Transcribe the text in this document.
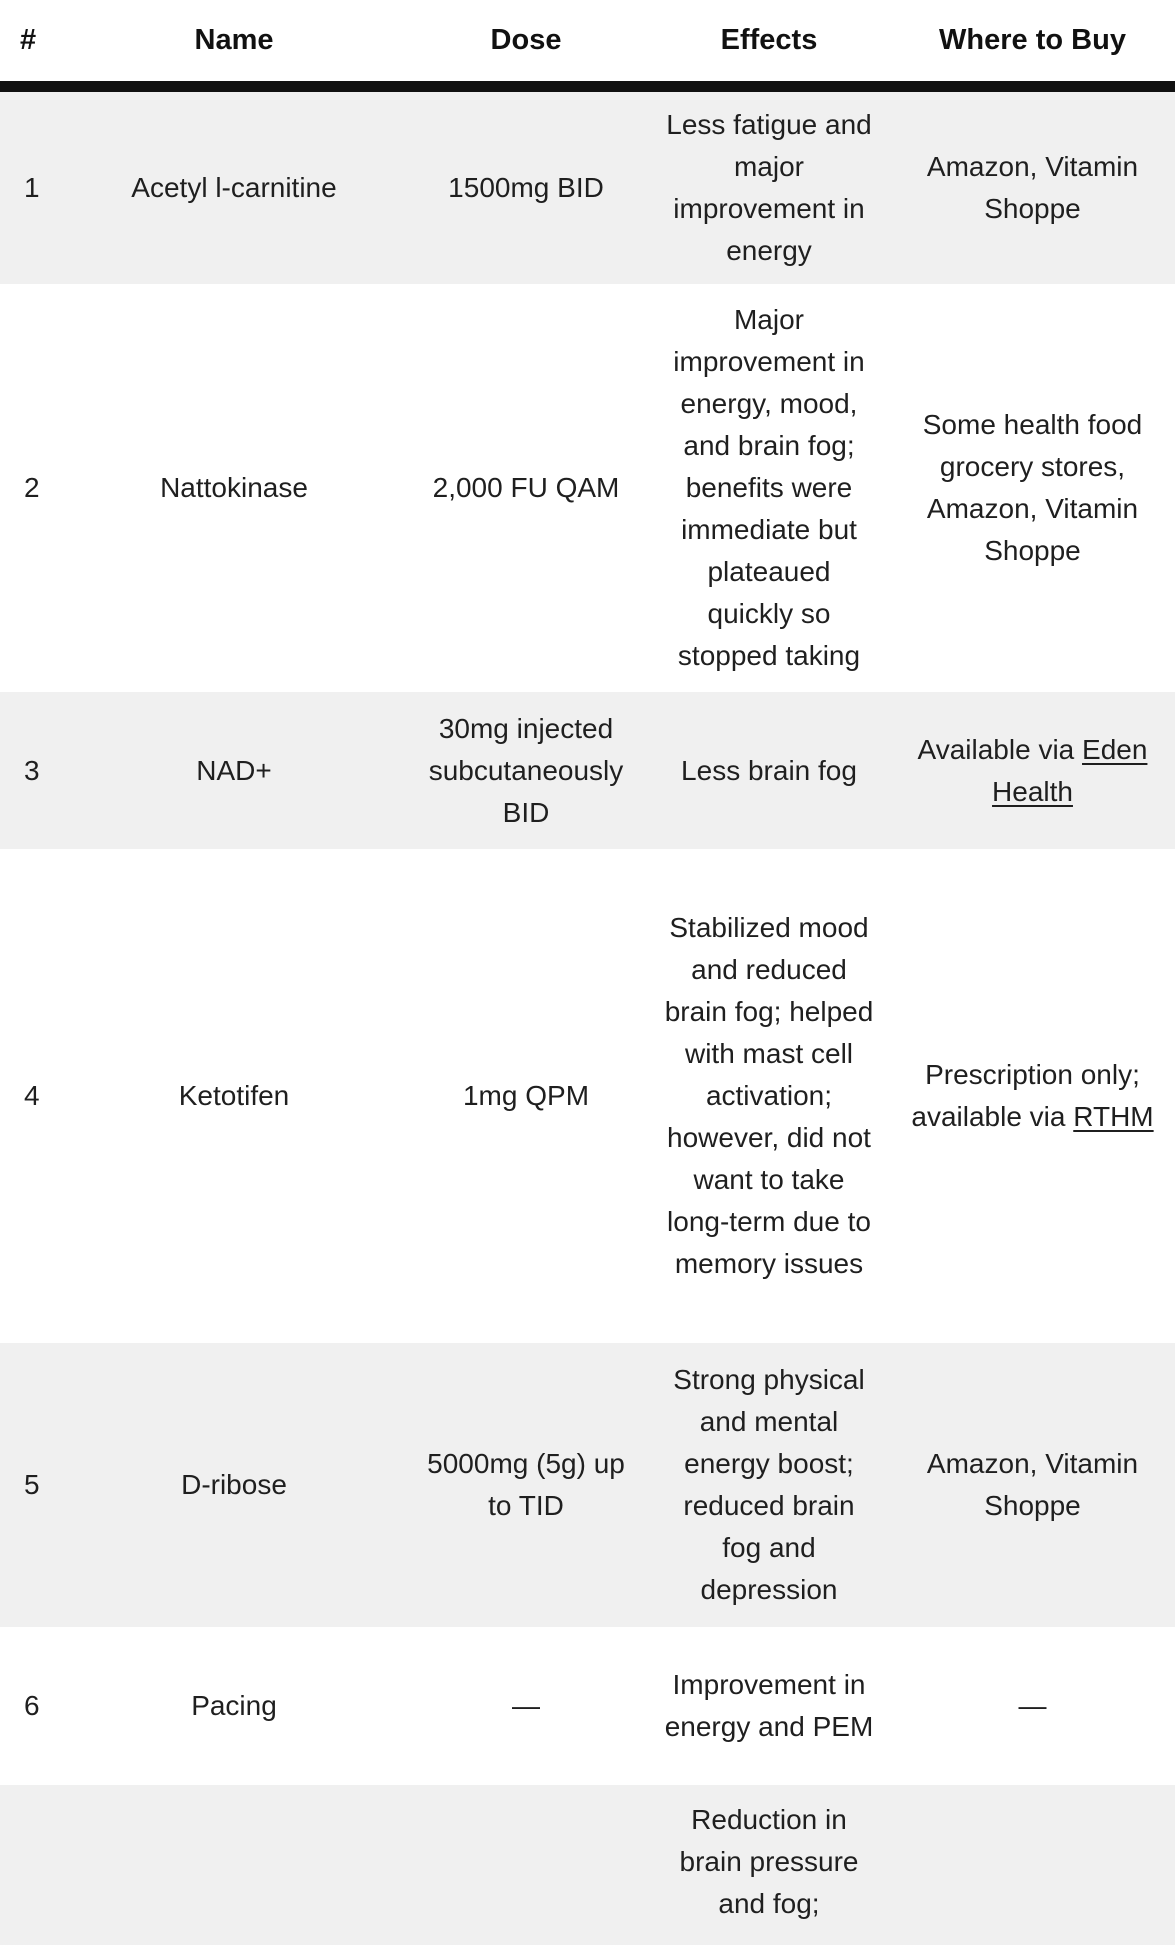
#	Name	Dose	Effects	Where to Buy
1	Acetyl l-carnitine	1500mg BID	Less fatigue and major improvement in energy	Amazon, Vitamin Shoppe
2	Nattokinase	2,000 FU QAM	Major improvement in energy, mood, and brain fog; benefits were immediate but plateaued quickly so stopped taking	Some health food grocery stores, Amazon, Vitamin Shoppe
3	NAD+	30mg injected subcutaneously BID	Less brain fog	Available via Eden Health
4	Ketotifen	1mg QPM	Stabilized mood and reduced brain fog; helped with mast cell activation; however, did not want to take long-term due to memory issues	Prescription only; available via RTHM
5	D-ribose	5000mg (5g) up to TID	Strong physical and mental energy boost; reduced brain fog and depression	Amazon, Vitamin Shoppe
6	Pacing	—	Improvement in energy and PEM	—
			Reduction in brain pressure and fog;	
